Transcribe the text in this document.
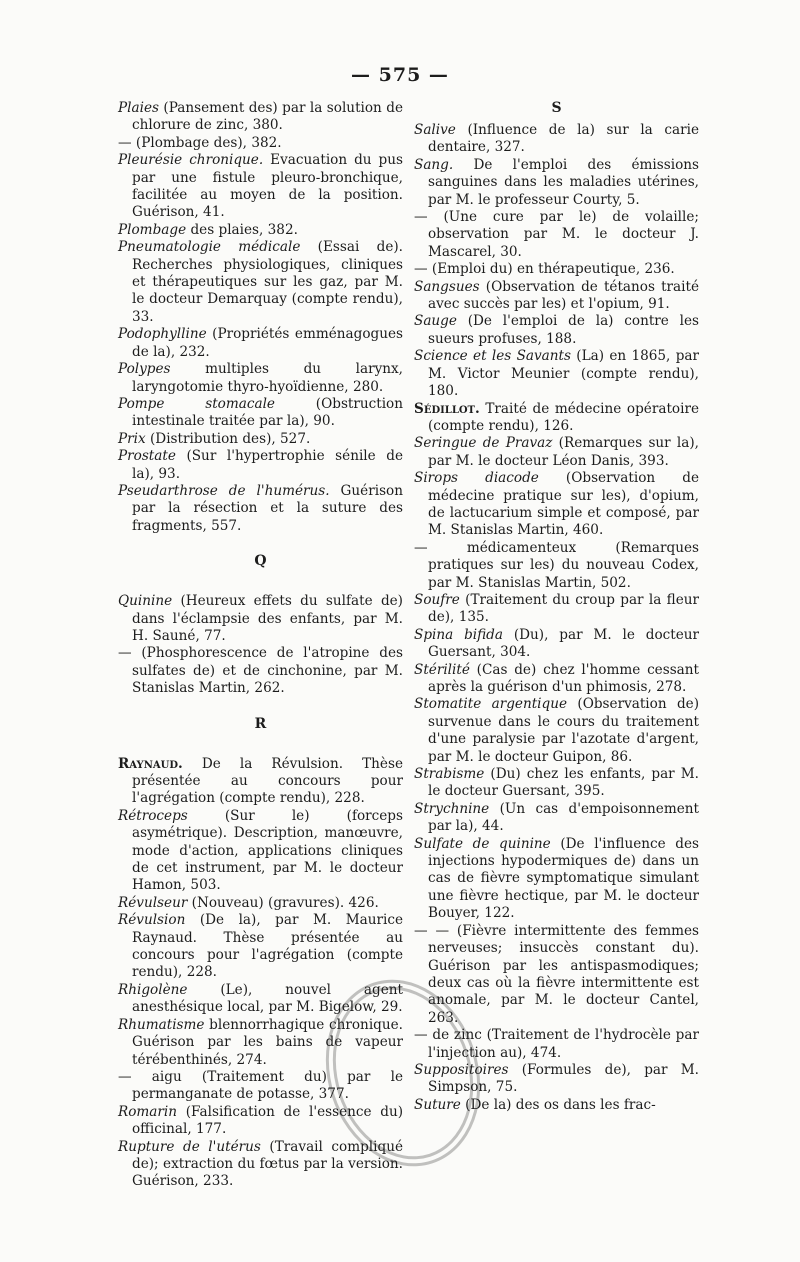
— 575 —

Plaies (Pansement des) par la solution de chlorure de zinc, 380.

— (Plombage des), 382.

Pleurésie chronique. Evacuation du pus par une fistule pleuro-bronchique, facilitée au moyen de la position. Guérison, 41.

Plombage des plaies, 382.

Pneumatologie médicale (Essai de). Recherches physiologiques, cliniques et thérapeutiques sur les gaz, par M. le docteur Demarquay (compte rendu), 33.

Podophylline (Propriétés emménagogues de la), 232.

Polypes multiples du larynx, laryngotomie thyro-hyoïdienne, 280.

Pompe stomacale (Obstruction intestinale traitée par la), 90.

Prix (Distribution des), 527.

Prostate (Sur l'hypertrophie sénile de la), 93.

Pseudarthrose de l'humérus. Guérison par la résection et la suture des fragments, 557.

Q

Quinine (Heureux effets du sulfate de) dans l'éclampsie des enfants, par M. H. Sauné, 77.

— (Phosphorescence de l'atropine des sulfates de) et de cinchonine, par M. Stanislas Martin, 262.

R

Raynaud. De la Révulsion. Thèse présentée au concours pour l'agrégation (compte rendu), 228.

Rétroceps (Sur le) (forceps asymétrique). Description, manœuvre, mode d'action, applications cliniques de cet instrument, par M. le docteur Hamon, 503.

Révulseur (Nouveau) (gravures). 426.

Révulsion (De la), par M. Maurice Raynaud. Thèse présentée au concours pour l'agrégation (compte rendu), 228.

Rhigolène (Le), nouvel agent anesthésique local, par M. Bigelow, 29.

Rhumatisme blennorrhagique chronique. Guérison par les bains de vapeur térébenthinés, 274.

— aigu (Traitement du) par le permanganate de potasse, 377.

Romarin (Falsification de l'essence du) officinal, 177.

Rupture de l'utérus (Travail compliqué de); extraction du fœtus par la version. Guérison, 233.

S

Salive (Influence de la) sur la carie dentaire, 327.

Sang. De l'emploi des émissions sanguines dans les maladies utérines, par M. le professeur Courty, 5.

— (Une cure par le) de volaille; observation par M. le docteur J. Mascarel, 30.

— (Emploi du) en thérapeutique, 236.

Sangsues (Observation de tétanos traité avec succès par les) et l'opium, 91.

Sauge (De l'emploi de la) contre les sueurs profuses, 188.

Science et les Savants (La) en 1865, par M. Victor Meunier (compte rendu), 180.

Sédillot. Traité de médecine opératoire (compte rendu), 126.

Seringue de Pravaz (Remarques sur la), par M. le docteur Léon Danis, 393.

Sirops diacode (Observation de médecine pratique sur les), d'opium, de lactucarium simple et composé, par M. Stanislas Martin, 460.

— médicamenteux (Remarques pratiques sur les) du nouveau Codex, par M. Stanislas Martin, 502.

Soufre (Traitement du croup par la fleur de), 135.

Spina bifida (Du), par M. le docteur Guersant, 304.

Stérilité (Cas de) chez l'homme cessant après la guérison d'un phimosis, 278.

Stomatite argentique (Observation de) survenue dans le cours du traitement d'une paralysie par l'azotate d'argent, par M. le docteur Guipon, 86.

Strabisme (Du) chez les enfants, par M. le docteur Guersant, 395.

Strychnine (Un cas d'empoisonnement par la), 44.

Sulfate de quinine (De l'influence des injections hypodermiques de) dans un cas de fièvre symptomatique simulant une fièvre hectique, par M. le docteur Bouyer, 122.

— — (Fièvre intermittente des femmes nerveuses; insuccès constant du). Guérison par les antispasmodiques; deux cas où la fièvre intermittente est anomale, par M. le docteur Cantel, 263.

— de zinc (Traitement de l'hydrocèle par l'injection au), 474.

Suppositoires (Formules de), par M. Simpson, 75.

Suture (De la) des os dans les frac-
